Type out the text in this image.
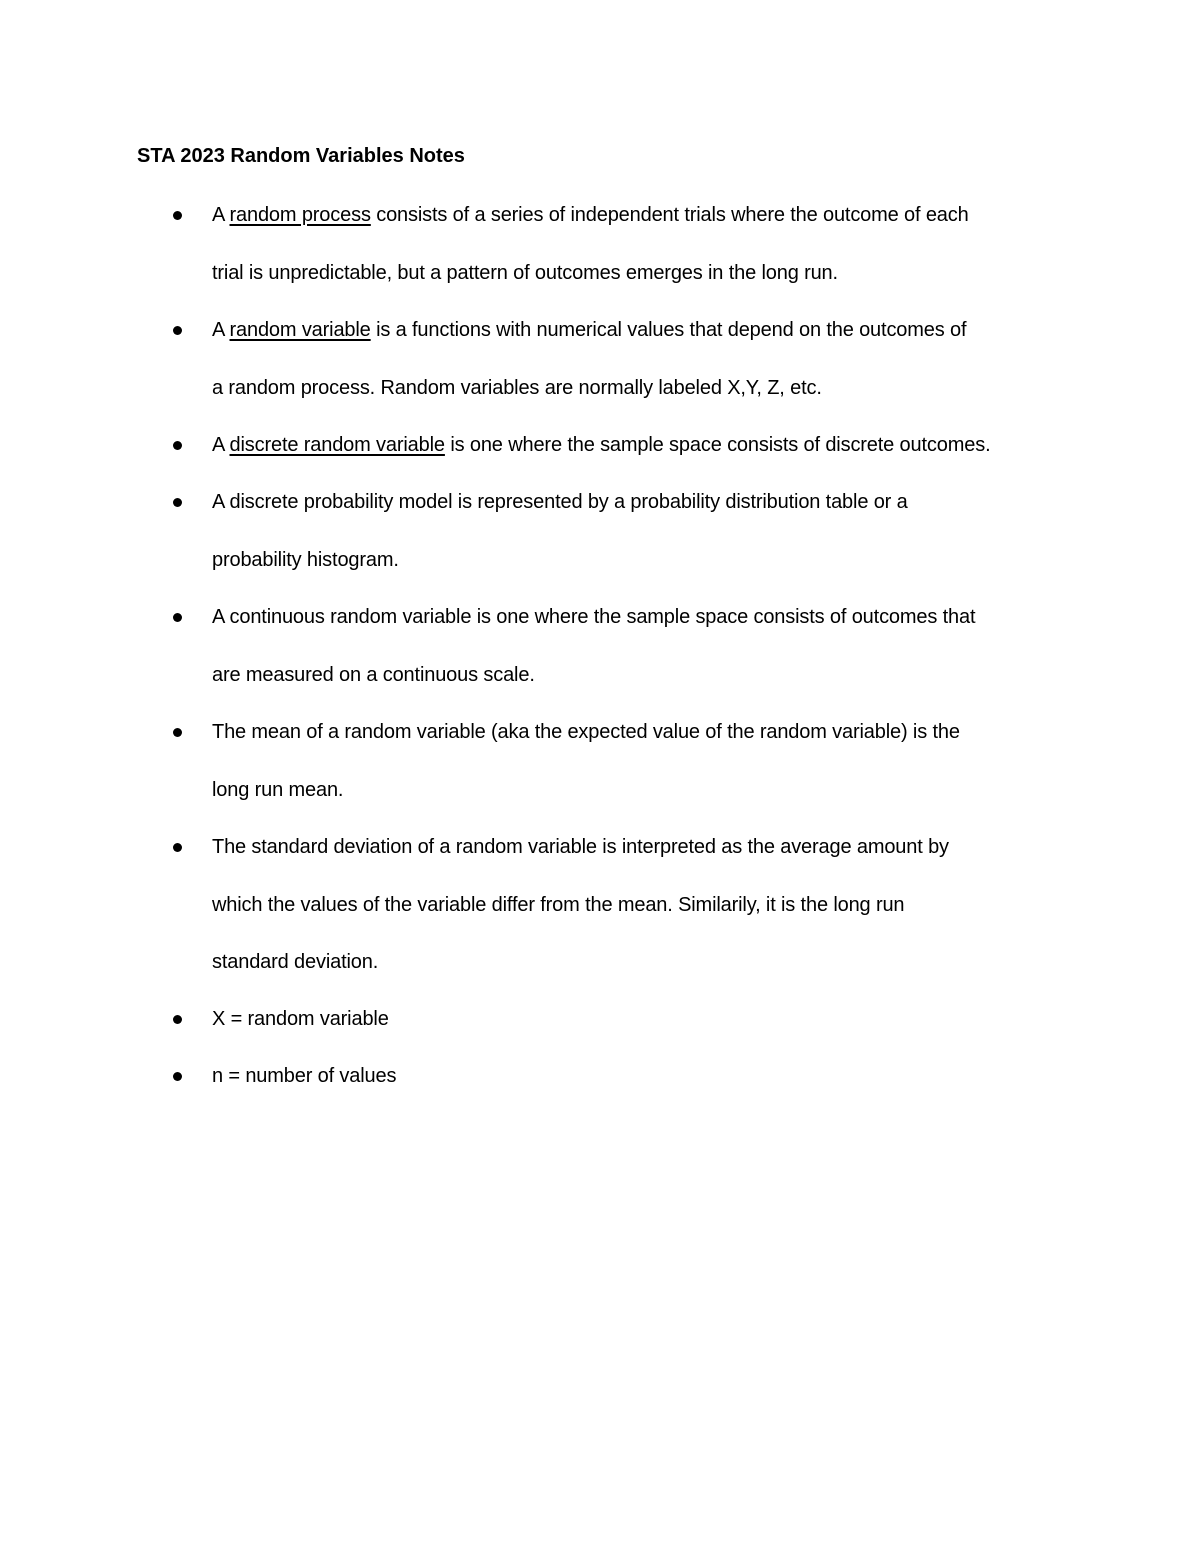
STA 2023 Random Variables Notes
A random process consists of a series of independent trials where the outcome of each
trial is unpredictable, but a pattern of outcomes emerges in the long run.
A random variable is a functions with numerical values that depend on the outcomes of
a random process. Random variables are normally labeled X,Y, Z, etc.
A discrete random variable is one where the sample space consists of discrete outcomes.
A discrete probability model is represented by a probability distribution table or a
probability histogram.
A continuous random variable is one where the sample space consists of outcomes that
are measured on a continuous scale.
The mean of a random variable (aka the expected value of the random variable) is the
long run mean.
The standard deviation of a random variable is interpreted as the average amount by
which the values of the variable differ from the mean. Similarily, it is the long run
standard deviation.
X = random variable
n = number of values
